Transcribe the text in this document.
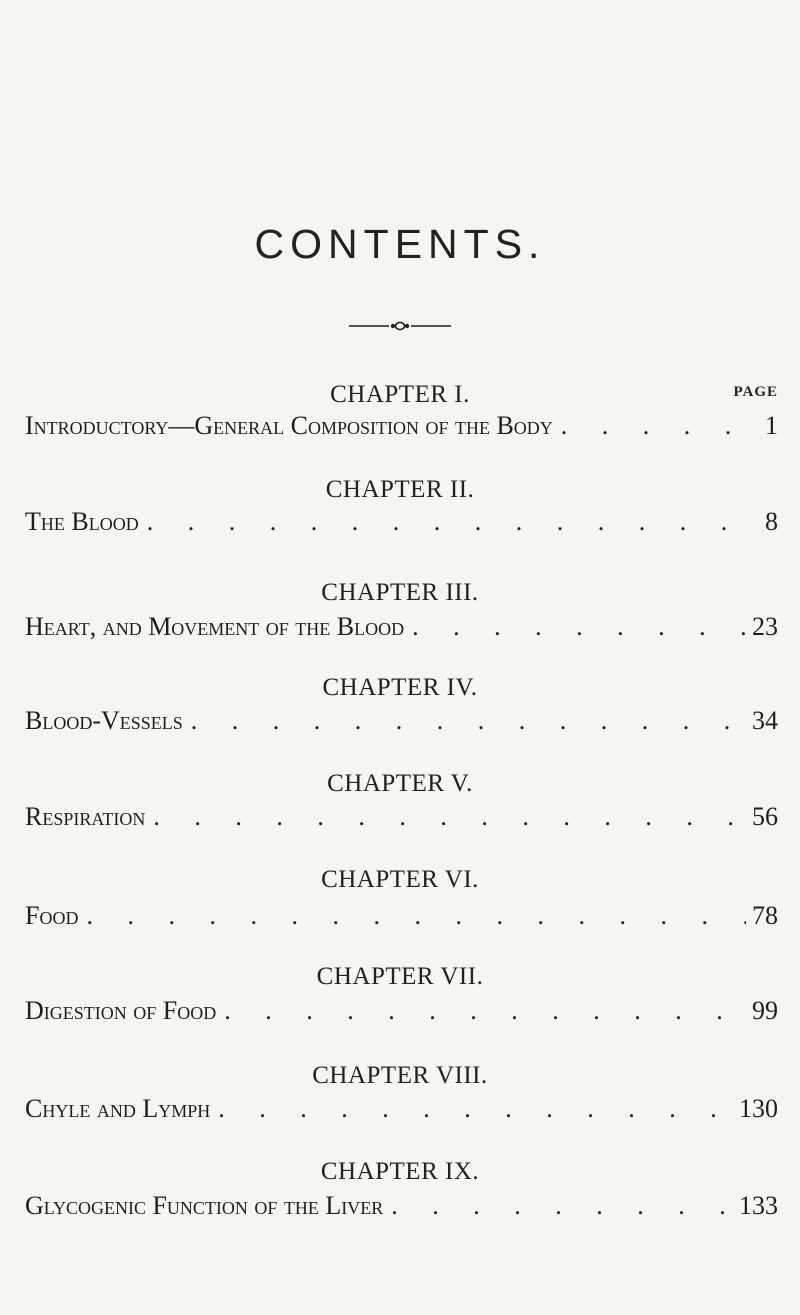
CONTENTS.
PAGE
CHAPTER I.
Introductory—General Composition of the Body . . .	1
CHAPTER II.
The Blood . . .	8
CHAPTER III.
Heart, and Movement of the Blood . . .	23
CHAPTER IV.
Blood-Vessels . . .	34
CHAPTER V.
Respiration . . .	56
CHAPTER VI.
Food . . .	78
CHAPTER VII.
Digestion of Food . . .	99
CHAPTER VIII.
Chyle and Lymph . . .	130
CHAPTER IX.
Glycogenic Function of the Liver . . .	133
